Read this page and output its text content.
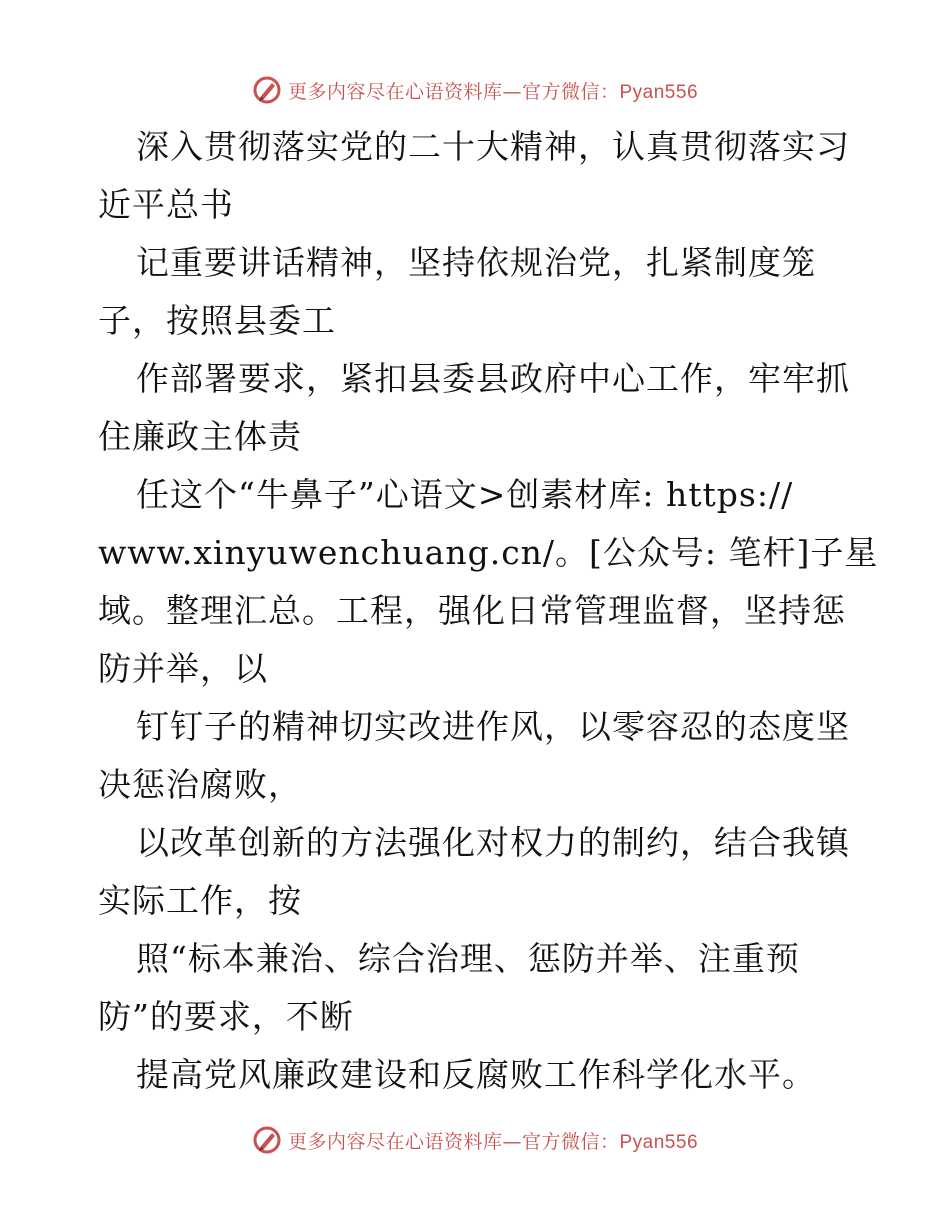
更多内容尽在心语资料库—官方微信：Pyan556
深入贯彻落实党的二十大精神，认真贯彻落实习
近平总书
记重要讲话精神，坚持依规治党，扎紧制度笼
子，按照县委工
作部署要求，紧扣县委县政府中心工作，牢牢抓
住廉政主体责
任这个“牛鼻子”心语文>创素材库: https://
www.xinyuwenchuang.cn/。[公众号: 笔杆]子星
域。整理汇总。工程，强化日常管理监督，坚持惩
防并举，以
钉钉子的精神切实改进作风，以零容忍的态度坚
决惩治腐败，
以改革创新的方法强化对权力的制约，结合我镇
实际工作，按
照“标本兼治、综合治理、惩防并举、注重预
防”的要求，不断
提高党风廉政建设和反腐败工作科学化水平。
更多内容尽在心语资料库—官方微信：Pyan556
